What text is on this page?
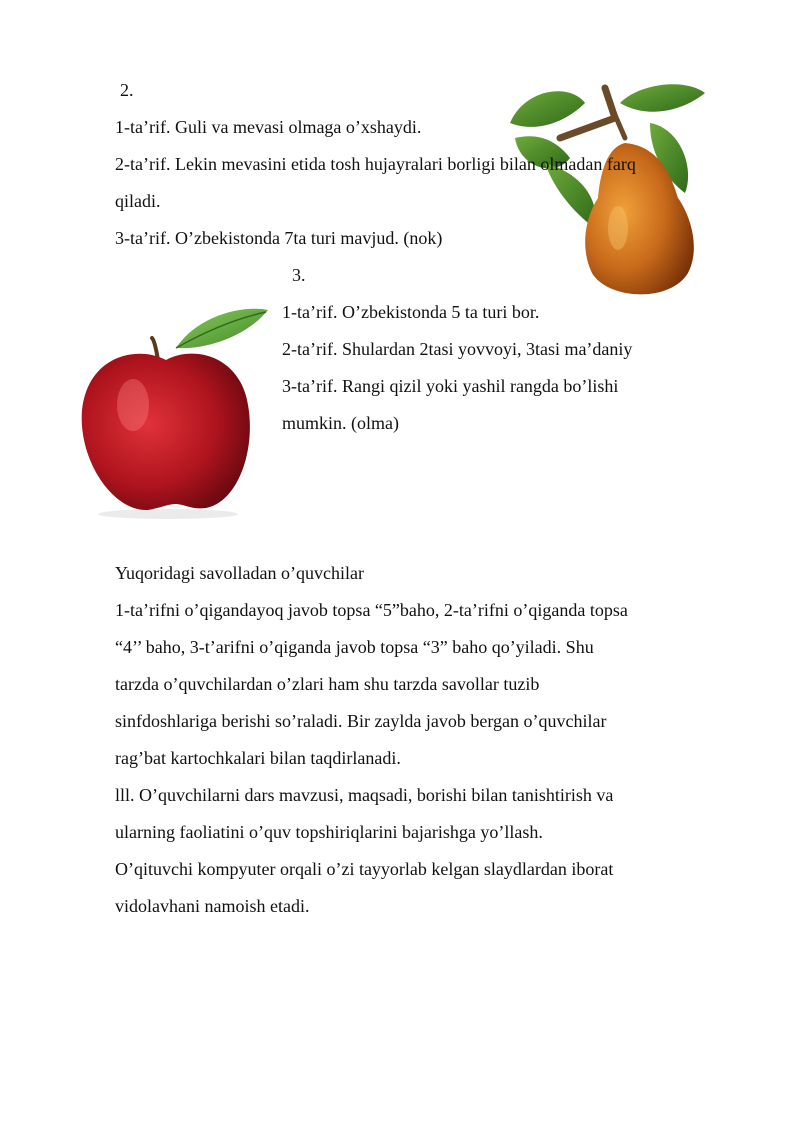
2.
1-ta’rif. Guli va mevasi olmaga o’xshaydi.
2-ta’rif. Lekin mevasini etida tosh hujayralari borligi bilan olmadan farq
qiladi.
3-ta’rif. O’zbekistonda 7ta turi mavjud. (nok)
3.
1-ta’rif. O’zbekistonda 5 ta turi bor.
2-ta’rif. Shulardan 2tasi yovvoyi, 3tasi ma’daniy
3-ta’rif. Rangi qizil yoki yashil rangda bo’lishi
mumkin. (olma)
Yuqoridagi savolladan o’quvchilar
1-ta’rifni o’qigandayoq javob topsa “5”baho, 2-ta’rifni o’qiganda topsa
“4’’ baho, 3-t’arifni o’qiganda javob topsa “3” baho qo’yiladi. Shu
tarzda o’quvchilardan o’zlari ham shu tarzda savollar tuzib
sinfdoshlariga berishi so’raladi. Bir zaylda javob bergan o’quvchilar
rag’bat kartochkalari bilan taqdirlanadi.
lll. O’quvchilarni dars mavzusi, maqsadi, borishi bilan tanishtirish va
ularning faoliatini o’quv topshiriqlarini bajarishga yo’llash.
O’qituvchi kompyuter orqali o’zi tayyorlab kelgan slaydlardan iborat
vidolavhani namoish etadi.
